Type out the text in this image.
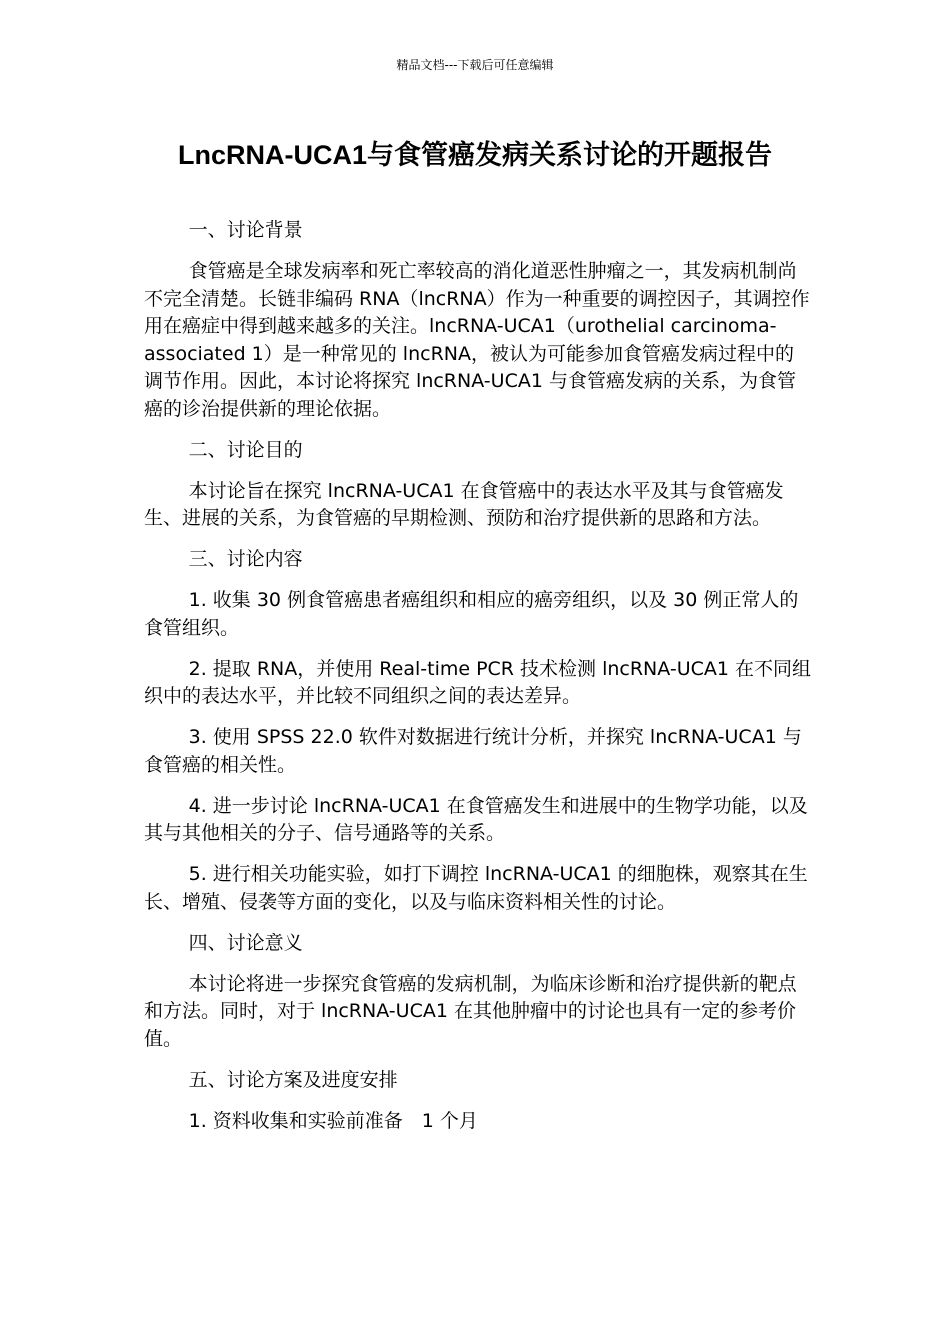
精品文档---下载后可任意编辑
LncRNA-UCA1与食管癌发病关系讨论的开题报告

一、讨论背景

食管癌是全球发病率和死亡率较高的消化道恶性肿瘤之一，其发病机制尚不完全清楚。长链非编码 RNA（lncRNA）作为一种重要的调控因子，其调控作用在癌症中得到越来越多的关注。lncRNA-UCA1（urothelial carcinoma-associated 1）是一种常见的 lncRNA，被认为可能参加食管癌发病过程中的调节作用。因此，本讨论将探究 lncRNA-UCA1 与食管癌发病的关系，为食管癌的诊治提供新的理论依据。

二、讨论目的

本讨论旨在探究 lncRNA-UCA1 在食管癌中的表达水平及其与食管癌发生、进展的关系，为食管癌的早期检测、预防和治疗提供新的思路和方法。

三、讨论内容

1. 收集 30 例食管癌患者癌组织和相应的癌旁组织，以及 30 例正常人的食管组织。

2. 提取 RNA，并使用 Real-time PCR 技术检测 lncRNA-UCA1 在不同组织中的表达水平，并比较不同组织之间的表达差异。

3. 使用 SPSS 22.0 软件对数据进行统计分析，并探究 lncRNA-UCA1 与食管癌的相关性。

4. 进一步讨论 lncRNA-UCA1 在食管癌发生和进展中的生物学功能，以及其与其他相关的分子、信号通路等的关系。

5. 进行相关功能实验，如打下调控 lncRNA-UCA1 的细胞株，观察其在生长、增殖、侵袭等方面的变化，以及与临床资料相关性的讨论。

四、讨论意义

本讨论将进一步探究食管癌的发病机制，为临床诊断和治疗提供新的靶点和方法。同时，对于 lncRNA-UCA1 在其他肿瘤中的讨论也具有一定的参考价值。

五、讨论方案及进度安排

1. 资料收集和实验前准备　1 个月
